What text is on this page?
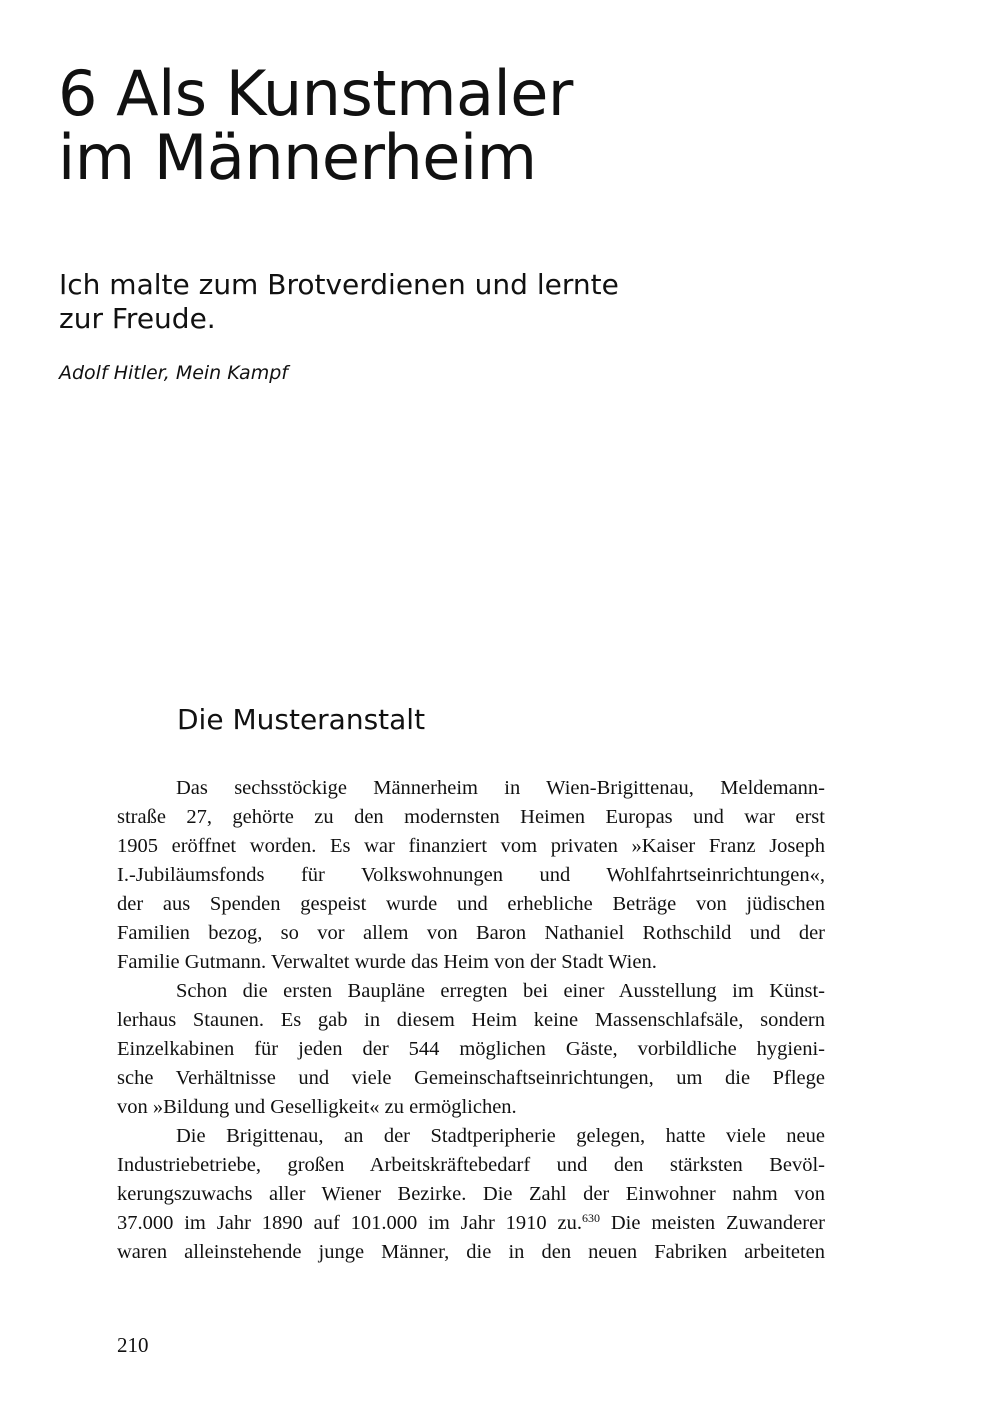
6 Als Kunstmaler
im Männerheim

Ich malte zum Brotverdienen und lernte
zur Freude.

Adolf Hitler, Mein Kampf

Die Musteranstalt
Das sechsstöckige Männerheim in Wien-Brigittenau, Meldemann-
straße 27, gehörte zu den modernsten Heimen Europas und war erst
1905 eröffnet worden. Es war finanziert vom privaten »Kaiser Franz Joseph
I.-Jubiläumsfonds für Volkswohnungen und Wohlfahrtseinrichtungen«,
der aus Spenden gespeist wurde und erhebliche Beträge von jüdischen
Familien bezog, so vor allem von Baron Nathaniel Rothschild und der
Familie Gutmann. Verwaltet wurde das Heim von der Stadt Wien.
Schon die ersten Baupläne erregten bei einer Ausstellung im Künst-
lerhaus Staunen. Es gab in diesem Heim keine Massenschlafsäle, sondern
Einzelkabinen für jeden der 544 möglichen Gäste, vorbildliche hygieni-
sche Verhältnisse und viele Gemeinschaftseinrichtungen, um die Pflege
von »Bildung und Geselligkeit« zu ermöglichen.
Die Brigittenau, an der Stadtperipherie gelegen, hatte viele neue
Industriebetriebe, großen Arbeitskräftebedarf und den stärksten Bevöl-
kerungszuwachs aller Wiener Bezirke. Die Zahl der Einwohner nahm von
37.000 im Jahr 1890 auf 101.000 im Jahr 1910 zu.$^{630}$ Die meisten Zuwanderer
waren alleinstehende junge Männer, die in den neuen Fabriken arbeiteten

210
